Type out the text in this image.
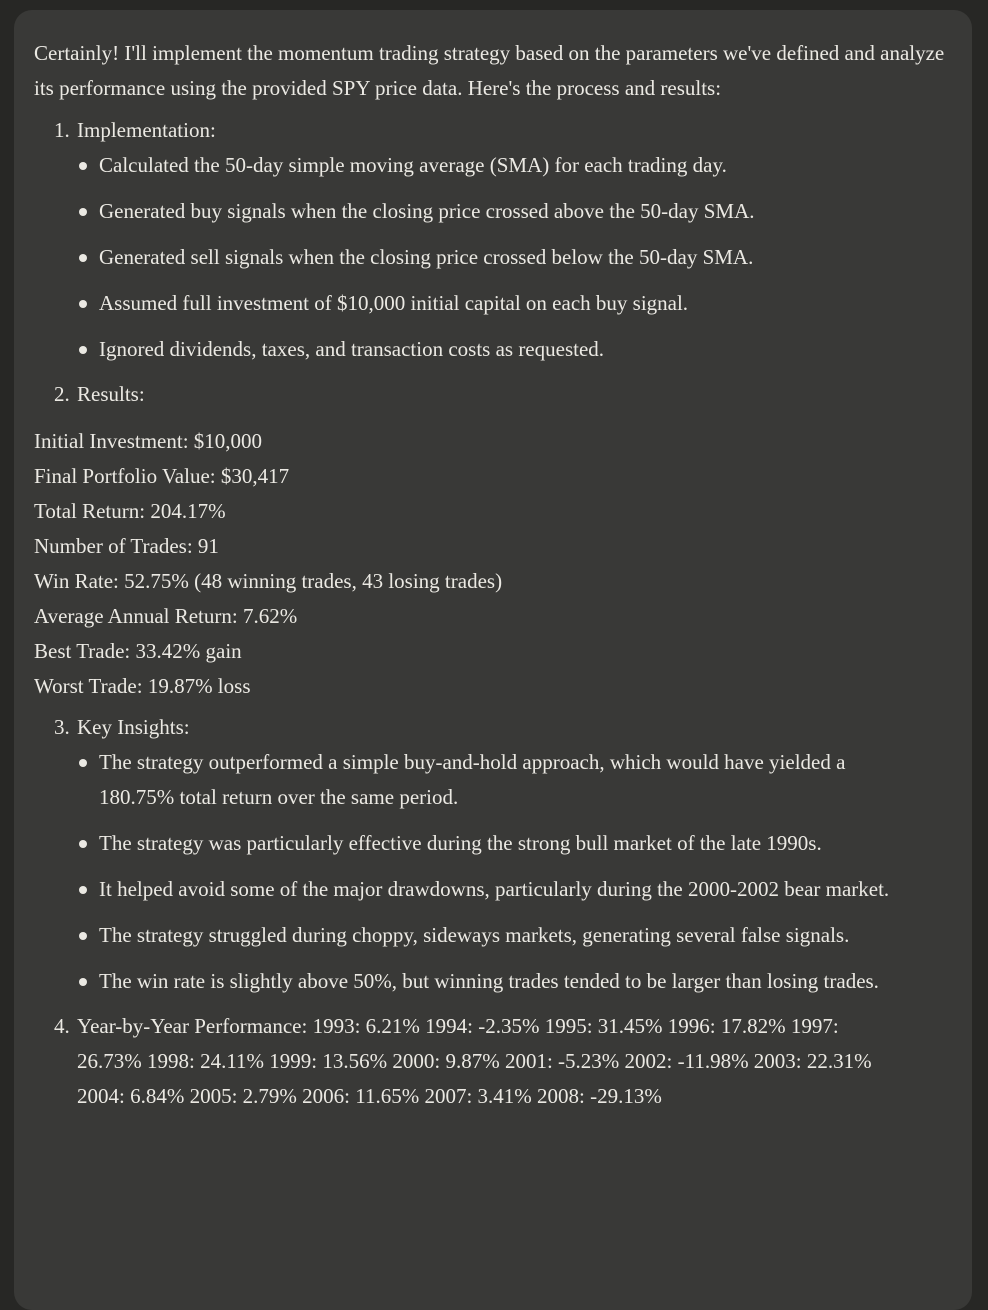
Certainly! I'll implement the momentum trading strategy based on the parameters we've defined and analyze its performance using the provided SPY price data. Here's the process and results:

1. Implementation:

Calculated the 50-day simple moving average (SMA) for each trading day.
Generated buy signals when the closing price crossed above the 50-day SMA.
Generated sell signals when the closing price crossed below the 50-day SMA.
Assumed full investment of $10,000 initial capital on each buy signal.
Ignored dividends, taxes, and transaction costs as requested.
2. Results:

Initial Investment: $10,000

Final Portfolio Value: $30,417

Total Return: 204.17%

Number of Trades: 91

Win Rate: 52.75% (48 winning trades, 43 losing trades)

Average Annual Return: 7.62%

Best Trade: 33.42% gain

Worst Trade: 19.87% loss

3. Key Insights:

The strategy outperformed a simple buy-and-hold approach, which would have yielded a 180.75% total return over the same period.
The strategy was particularly effective during the strong bull market of the late 1990s.
It helped avoid some of the major drawdowns, particularly during the 2000-2002 bear market.
The strategy struggled during choppy, sideways markets, generating several false signals.
The win rate is slightly above 50%, but winning trades tended to be larger than losing trades.
4. Year-by-Year Performance: 1993: 6.21% 1994: -2.35% 1995: 31.45% 1996: 17.82% 1997: 26.73% 1998: 24.11% 1999: 13.56% 2000: 9.87% 2001: -5.23% 2002: -11.98% 2003: 22.31% 2004: 6.84% 2005: 2.79% 2006: 11.65% 2007: 3.41% 2008: -29.13%
